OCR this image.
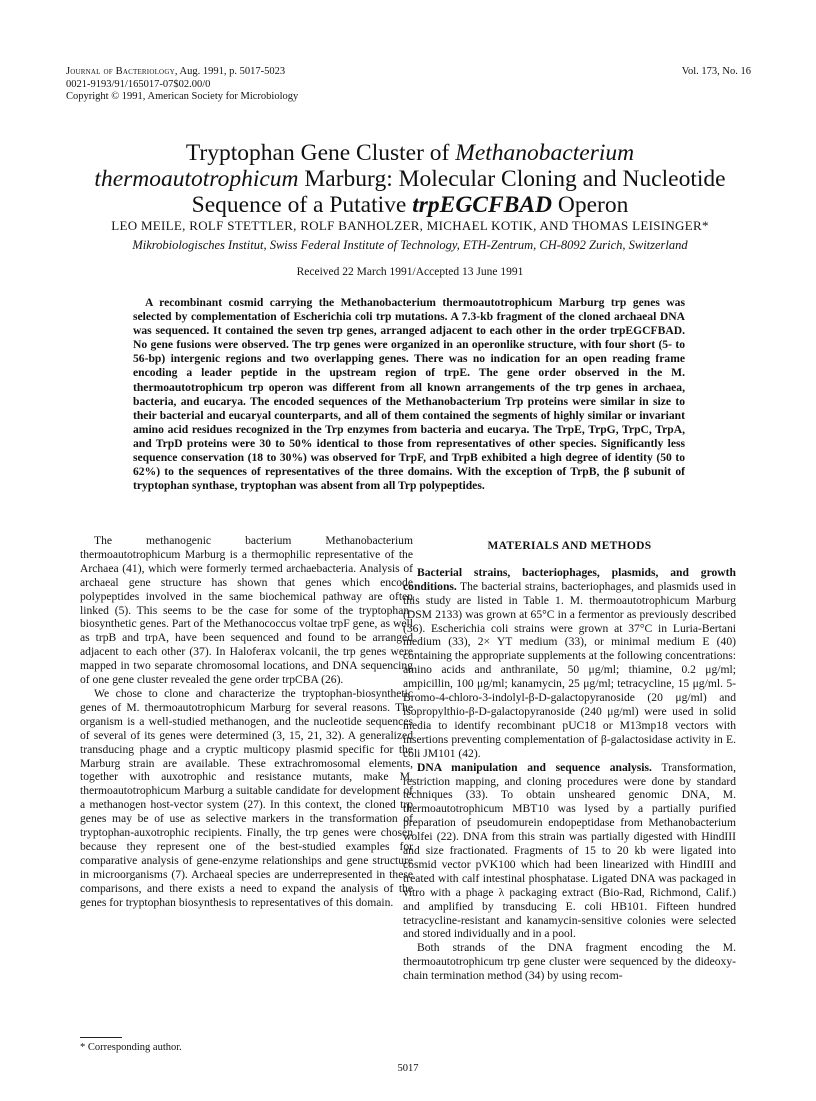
Journal of Bacteriology, Aug. 1991, p. 5017-5023
0021-9193/91/165017-07$02.00/0
Copyright © 1991, American Society for Microbiology
Vol. 173, No. 16
Tryptophan Gene Cluster of Methanobacterium
thermoautotrophicum Marburg: Molecular Cloning and Nucleotide
Sequence of a Putative trpEGCFBAD Operon
LEO MEILE, ROLF STETTLER, ROLF BANHOLZER, MICHAEL KOTIK, AND THOMAS LEISINGER*
Mikrobiologisches Institut, Swiss Federal Institute of Technology, ETH-Zentrum, CH-8092 Zurich, Switzerland
Received 22 March 1991/Accepted 13 June 1991
A recombinant cosmid carrying the Methanobacterium thermoautotrophicum Marburg trp genes was selected by complementation of Escherichia coli trp mutations. A 7.3-kb fragment of the cloned archaeal DNA was sequenced. It contained the seven trp genes, arranged adjacent to each other in the order trpEGCFBAD. No gene fusions were observed. The trp genes were organized in an operonlike structure, with four short (5- to 56-bp) intergenic regions and two overlapping genes. There was no indication for an open reading frame encoding a leader peptide in the upstream region of trpE. The gene order observed in the M. thermoautotrophicum trp operon was different from all known arrangements of the trp genes in archaea, bacteria, and eucarya. The encoded sequences of the Methanobacterium Trp proteins were similar in size to their bacterial and eucaryal counterparts, and all of them contained the segments of highly similar or invariant amino acid residues recognized in the Trp enzymes from bacteria and eucarya. The TrpE, TrpG, TrpC, TrpA, and TrpD proteins were 30 to 50% identical to those from representatives of other species. Significantly less sequence conservation (18 to 30%) was observed for TrpF, and TrpB exhibited a high degree of identity (50 to 62%) to the sequences of representatives of the three domains. With the exception of TrpB, the β subunit of tryptophan synthase, tryptophan was absent from all Trp polypeptides.

The methanogenic bacterium Methanobacterium thermoautotrophicum Marburg is a thermophilic representative of the Archaea (41), which were formerly termed archaebacteria. Analysis of archaeal gene structure has shown that genes which encode polypeptides involved in the same biochemical pathway are often linked (5). This seems to be the case for some of the tryptophan-biosynthetic genes. Part of the Methanococcus voltae trpF gene, as well as trpB and trpA, have been sequenced and found to be arranged adjacent to each other (37). In Haloferax volcanii, the trp genes were mapped in two separate chromosomal locations, and DNA sequencing of one gene cluster revealed the gene order trpCBA (26).

We chose to clone and characterize the tryptophan-biosynthetic genes of M. thermoautotrophicum Marburg for several reasons. The organism is a well-studied methanogen, and the nucleotide sequences of several of its genes were determined (3, 15, 21, 32). A generalized transducing phage and a cryptic multicopy plasmid specific for the Marburg strain are available. These extrachromosomal elements, together with auxotrophic and resistance mutants, make M. thermoautotrophicum Marburg a suitable candidate for development of a methanogen host-vector system (27). In this context, the cloned trp genes may be of use as selective markers in the transformation of tryptophan-auxotrophic recipients. Finally, the trp genes were chosen because they represent one of the best-studied examples for comparative analysis of gene-enzyme relationships and gene structure in microorganisms (7). Archaeal species are underrepresented in these comparisons, and there exists a need to expand the analysis of the genes for tryptophan biosynthesis to representatives of this domain.

MATERIALS AND METHODS

Bacterial strains, bacteriophages, plasmids, and growth conditions. The bacterial strains, bacteriophages, and plasmids used in this study are listed in Table 1. M. thermoautotrophicum Marburg (DSM 2133) was grown at 65°C in a fermentor as previously described (36). Escherichia coli strains were grown at 37°C in Luria-Bertani medium (33), 2× YT medium (33), or minimal medium E (40) containing the appropriate supplements at the following concentrations: amino acids and anthranilate, 50 μg/ml; thiamine, 0.2 μg/ml; ampicillin, 100 μg/ml; kanamycin, 25 μg/ml; tetracycline, 15 μg/ml. 5-Bromo-4-chloro-3-indolyl-β-D-galactopyranoside (20 μg/ml) and isopropylthio-β-D-galactopyranoside (240 μg/ml) were used in solid media to identify recombinant pUC18 or M13mp18 vectors with insertions preventing complementation of β-galactosidase activity in E. coli JM101 (42).

DNA manipulation and sequence analysis. Transformation, restriction mapping, and cloning procedures were done by standard techniques (33). To obtain unsheared genomic DNA, M. thermoautotrophicum MBT10 was lysed by a partially purified preparation of pseudomurein endopeptidase from Methanobacterium wolfei (22). DNA from this strain was partially digested with HindIII and size fractionated. Fragments of 15 to 20 kb were ligated into cosmid vector pVK100 which had been linearized with HindIII and treated with calf intestinal phosphatase. Ligated DNA was packaged in vitro with a phage λ packaging extract (Bio-Rad, Richmond, Calif.) and amplified by transducing E. coli HB101. Fifteen hundred tetracycline-resistant and kanamycin-sensitive colonies were selected and stored individually and in a pool.

Both strands of the DNA fragment encoding the M. thermoautotrophicum trp gene cluster were sequenced by the dideoxy-chain termination method (34) by using recom-

* Corresponding author.
5017
